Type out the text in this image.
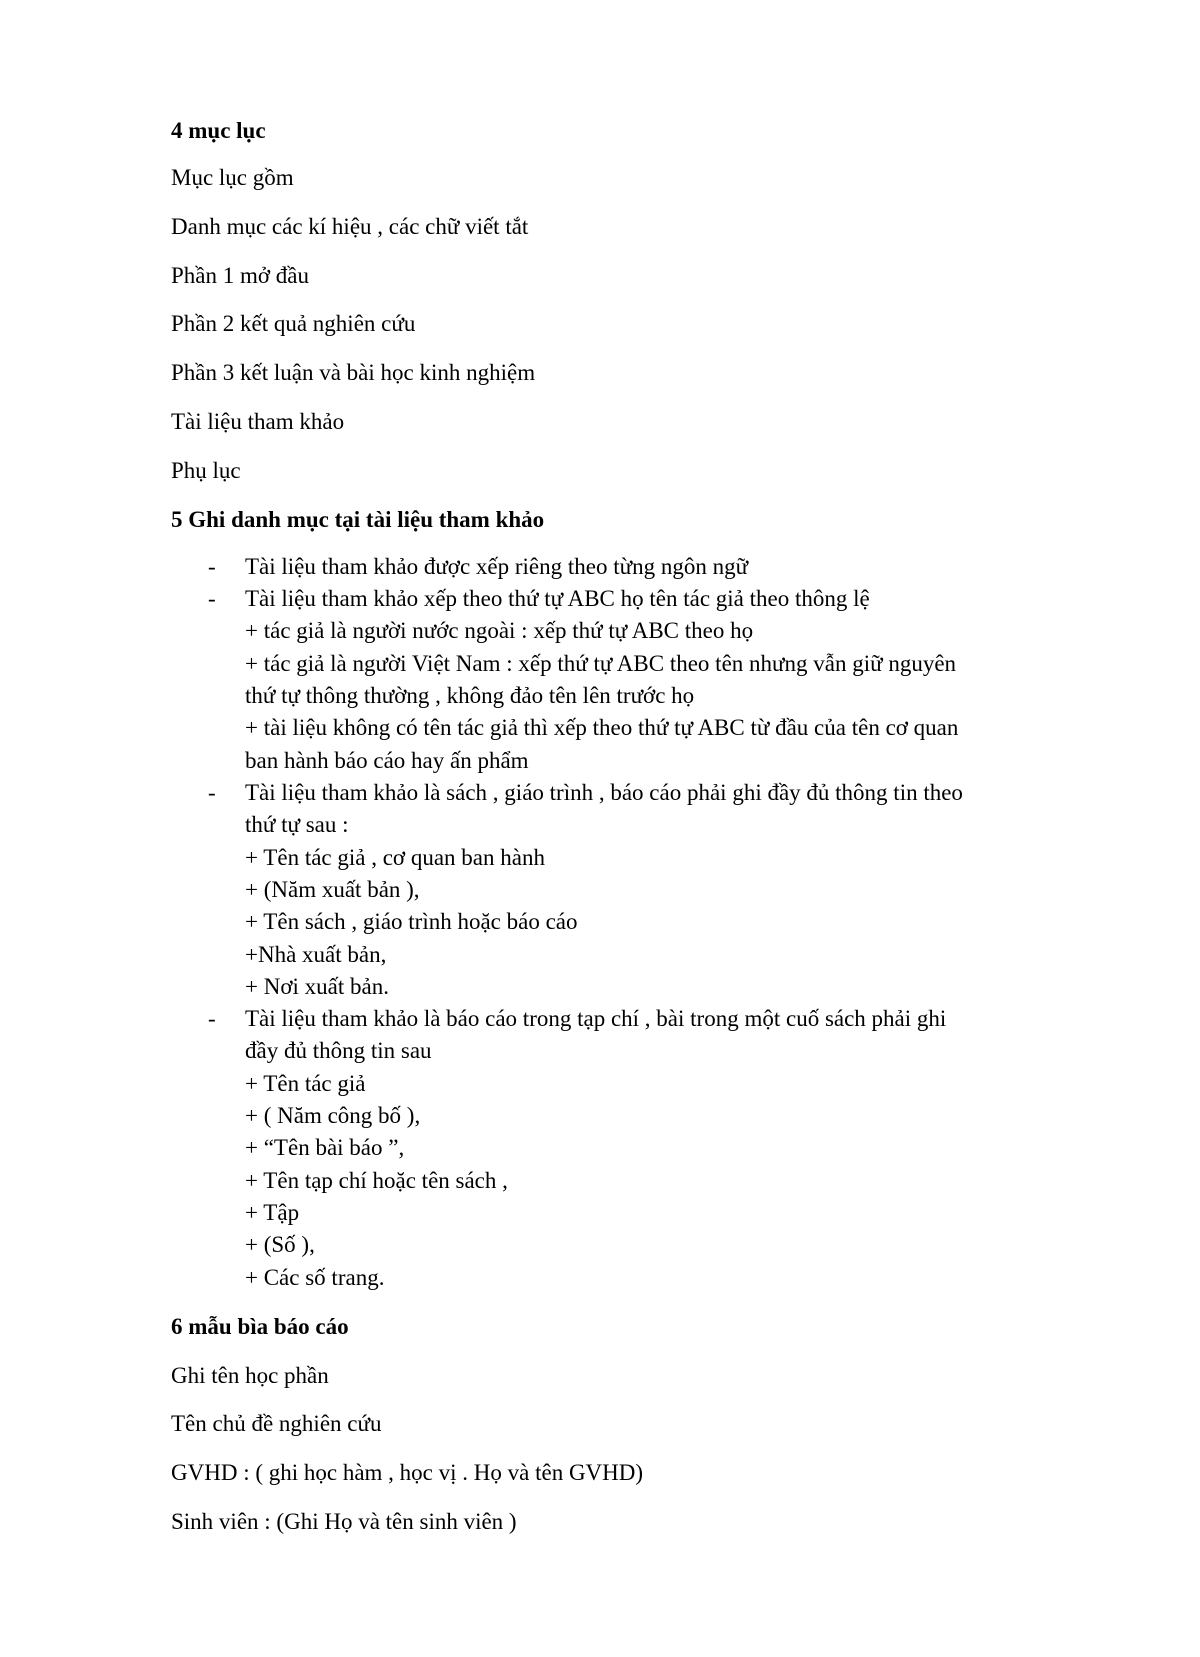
4 mục lục
Mục lục gồm
Danh mục các kí hiệu , các chữ viết tắt
Phần 1 mở đầu
Phần 2 kết quả nghiên cứu
Phần 3 kết luận và bài học kinh nghiệm
Tài liệu tham khảo
Phụ lục
5 Ghi danh mục tại tài liệu tham khảo
- Tài liệu tham khảo được xếp riêng theo từng ngôn ngữ
- Tài liệu tham khảo xếp theo thứ tự ABC họ tên tác giả theo thông lệ
+ tác giả là người nước ngoài : xếp thứ tự ABC theo họ
+ tác giả là người Việt Nam : xếp thứ tự ABC theo tên nhưng vẫn giữ nguyên
thứ tự thông thường , không đảo tên lên trước họ
+ tài liệu không có tên tác giả thì xếp theo thứ tự ABC từ đầu của tên cơ quan
ban hành báo cáo hay ấn phẩm
- Tài liệu tham khảo là sách , giáo trình , báo cáo phải ghi đầy đủ thông tin theo
thứ tự sau :
+ Tên tác giả , cơ quan ban hành
+ (Năm xuất bản ),
+ Tên sách , giáo trình hoặc báo cáo
+Nhà xuất bản,
+ Nơi xuất bản.
- Tài liệu tham khảo là báo cáo trong tạp chí , bài trong một cuố sách phải ghi
đầy đủ thông tin sau
+ Tên tác giả
+ ( Năm công bố ),
+ “Tên bài báo ”,
+ Tên tạp chí hoặc tên sách ,
+ Tập
+ (Số ),
+ Các số trang.
6 mẫu bìa báo cáo
Ghi tên học phần
Tên chủ đề nghiên cứu
GVHD : ( ghi học hàm , học vị . Họ và tên GVHD)
Sinh viên : (Ghi Họ và tên sinh viên )
